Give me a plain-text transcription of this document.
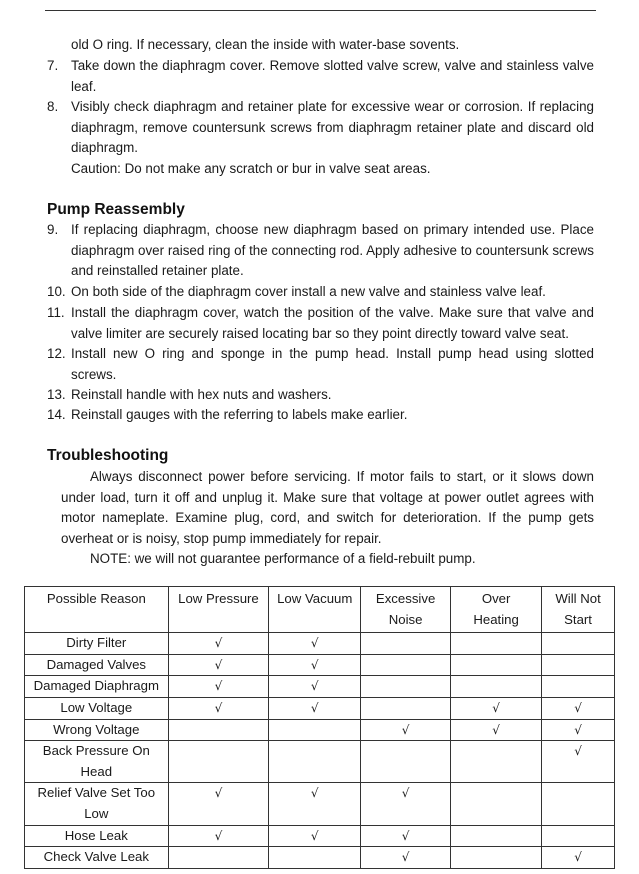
old O ring. If necessary, clean the inside with water-base sovents.
7. Take down the diaphragm cover. Remove slotted valve screw, valve and stainless valve leaf.
8. Visibly check diaphragm and retainer plate for excessive wear or corrosion. If replacing diaphragm, remove countersunk screws from diaphragm retainer plate and discard old diaphragm.
Caution: Do not make any scratch or bur in valve seat areas.
Pump Reassembly
9. If replacing diaphragm, choose new diaphragm based on primary intended use. Place diaphragm over raised ring of the connecting rod. Apply adhesive to countersunk screws and reinstalled retainer plate.
10. On both side of the diaphragm cover install a new valve and stainless valve leaf.
11. Install the diaphragm cover, watch the position of the valve. Make sure that valve and valve limiter are securely raised locating bar so they point directly toward valve seat.
12. Install new O ring and sponge in the pump head. Install pump head using slotted screws.
13. Reinstall handle with hex nuts and washers.
14. Reinstall gauges with the referring to labels make earlier.
Troubleshooting
Always disconnect power before servicing. If motor fails to start, or it slows down under load, turn it off and unplug it. Make sure that voltage at power outlet agrees with motor nameplate. Examine plug, cord, and switch for deterioration. If the pump gets overheat or is noisy, stop pump immediately for repair.
NOTE: we will not guarantee performance of a field-rebuilt pump.
Possible Reason	Low Pressure	Low Vacuum	Excessive Noise	Over Heating	Will Not Start
Dirty Filter	√	√			
Damaged Valves	√	√			
Damaged Diaphragm	√	√			
Low Voltage	√	√		√	√
Wrong Voltage			√	√	√
Back Pressure On Head					√
Relief Valve Set Too Low	√	√	√		
Hose Leak	√	√	√		
Check Valve Leak			√		√
